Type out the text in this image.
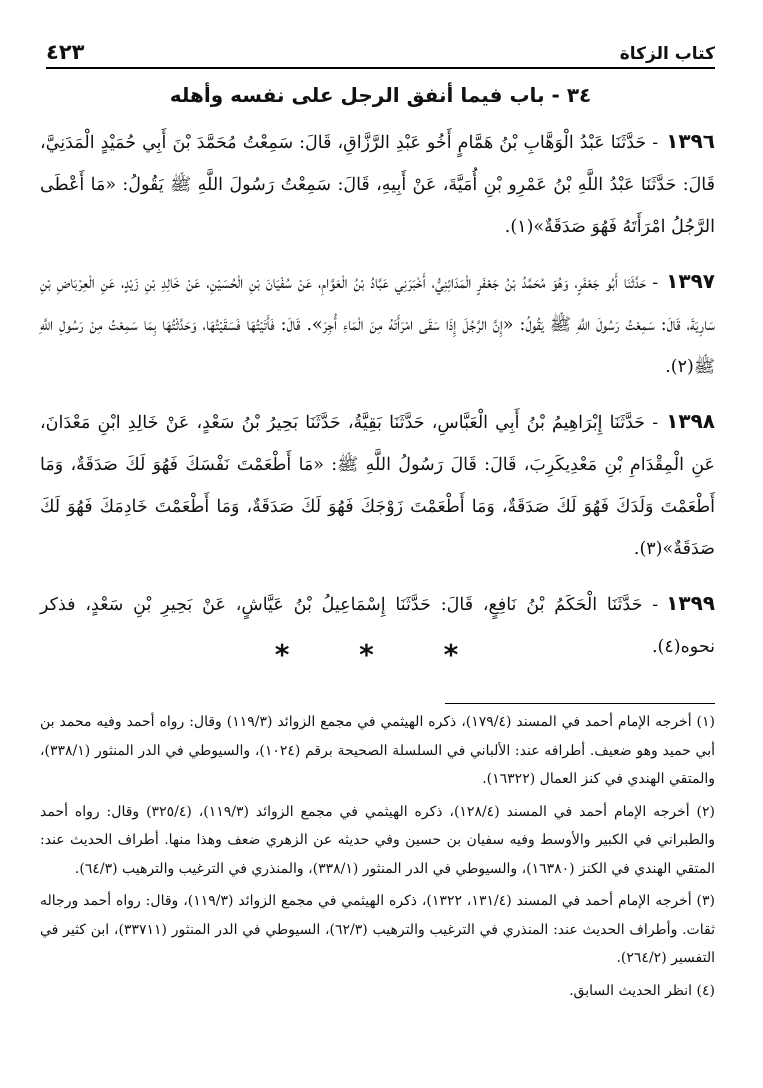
كتاب الزكاة
٤٢٣
٣٤ - باب فيما أنفق الرجل على نفسه وأهله

١٣٩٦- حَدَّثَنَا عَبْدُ الْوَهَّابِ بْنُ هَمَّامٍ أَخُو عَبْدِ الرَّزَّاقِ، قَالَ: سَمِعْتُ مُحَمَّدَ بْنَ أَبِي حُمَيْدٍ الْمَدَنِيَّ، قَالَ: حَدَّثَنَا عَبْدُ اللَّهِ بْنُ عَمْرِو بْنِ أُمَيَّةَ، عَنْ أَبِيهِ، قَالَ: سَمِعْتُ رَسُولَ اللَّهِ ﷺ يَقُولُ: «مَا أَعْطَى الرَّجُلُ امْرَأَتَهُ فَهُوَ صَدَقَةٌ»(١).

١٣٩٧- حَدَّثَنَا أَبُو جَعْفَرٍ، وَهُوَ مُحَمَّدُ بْنُ جَعْفَرٍ الْمَدَائِنِيُّ، أَخْبَرَنِي عَبَّادُ بْنُ الْعَوَّامِ، عَنْ سُفْيَانَ بْنِ الْحُسَيْنِ، عَنْ خَالِدِ بْنِ زَيْدٍ، عَنِ الْعِرْبَاضِ بْنِ سَارِيَةَ، قَالَ: سَمِعْتُ رَسُولَ اللَّهِ ﷺ يَقُولُ: «إِنَّ الرَّجُلَ إِذَا سَقَى امْرَأَتَهُ مِنَ الْمَاءِ أُجِرَ». قَالَ: فَأَتَيْتُهَا فَسَقَيْتُهَا، وَحَدَّثْتُهَا بِمَا سَمِعْتُ مِنْ رَسُولِ اللَّهِ ﷺ(٢).

١٣٩٨- حَدَّثَنَا إِبْرَاهِيمُ بْنُ أَبِي الْعَبَّاسِ، حَدَّثَنَا بَقِيَّةُ، حَدَّثَنَا بَحِيرُ بْنُ سَعْدٍ، عَنْ خَالِدِ ابْنِ مَعْدَانَ، عَنِ الْمِقْدَامِ بْنِ مَعْدِيكَرِبَ، قَالَ: قَالَ رَسُولُ اللَّهِ ﷺ: «مَا أَطْعَمْتَ نَفْسَكَ فَهُوَ لَكَ صَدَقَةٌ، وَمَا أَطْعَمْتَ وَلَدَكَ فَهُوَ لَكَ صَدَقَةٌ، وَمَا أَطْعَمْتَ زَوْجَكَ فَهُوَ لَكَ صَدَقَةٌ، وَمَا أَطْعَمْتَ خَادِمَكَ فَهُوَ لَكَ صَدَقَةٌ»(٣).

١٣٩٩- حَدَّثَنَا الْحَكَمُ بْنُ نَافِعٍ، قَالَ: حَدَّثَنَا إِسْمَاعِيلُ بْنُ عَيَّاشٍ، عَنْ بَحِيرِ بْنِ سَعْدٍ، فذكر نحوه(٤).

* * *

(١) أخرجه الإمام أحمد في المسند (١٧٩/٤)، ذكره الهيثمي في مجمع الزوائد (١١٩/٣) وقال: رواه أحمد وفيه محمد بن أبي حميد وهو ضعيف. أطرافه عند: الألباني في السلسلة الصحيحة برقم (١٠٢٤)، والسيوطي في الدر المنثور (٣٣٨/١)، والمتقي الهندي في كنز العمال (١٦٣٢٢).

(٢) أخرجه الإمام أحمد في المسند (١٢٨/٤)، ذكره الهيثمي في مجمع الزوائد (١١٩/٣)، (٣٢٥/٤) وقال: رواه أحمد والطبراني في الكبير والأوسط وفيه سفيان بن حسين وفي حديثه عن الزهري ضعف وهذا منها. أطراف الحديث عند: المتقي الهندي في الكنز (١٦٣٨٠)، والسيوطي في الدر المنثور (٣٣٨/١)، والمنذري في الترغيب والترهيب (٦٤/٣).

(٣) أخرجه الإمام أحمد في المسند (١٣١/٤، ١٣٢٢)، ذكره الهيثمي في مجمع الزوائد (١١٩/٣)، وقال: رواه أحمد ورجاله ثقات. وأطراف الحديث عند: المنذري في الترغيب والترهيب (٦٢/٣)، السيوطي في الدر المنثور (٣٣٧١١)، ابن كثير في التفسير (٢٦٤/٢).

(٤) انظر الحديث السابق.
